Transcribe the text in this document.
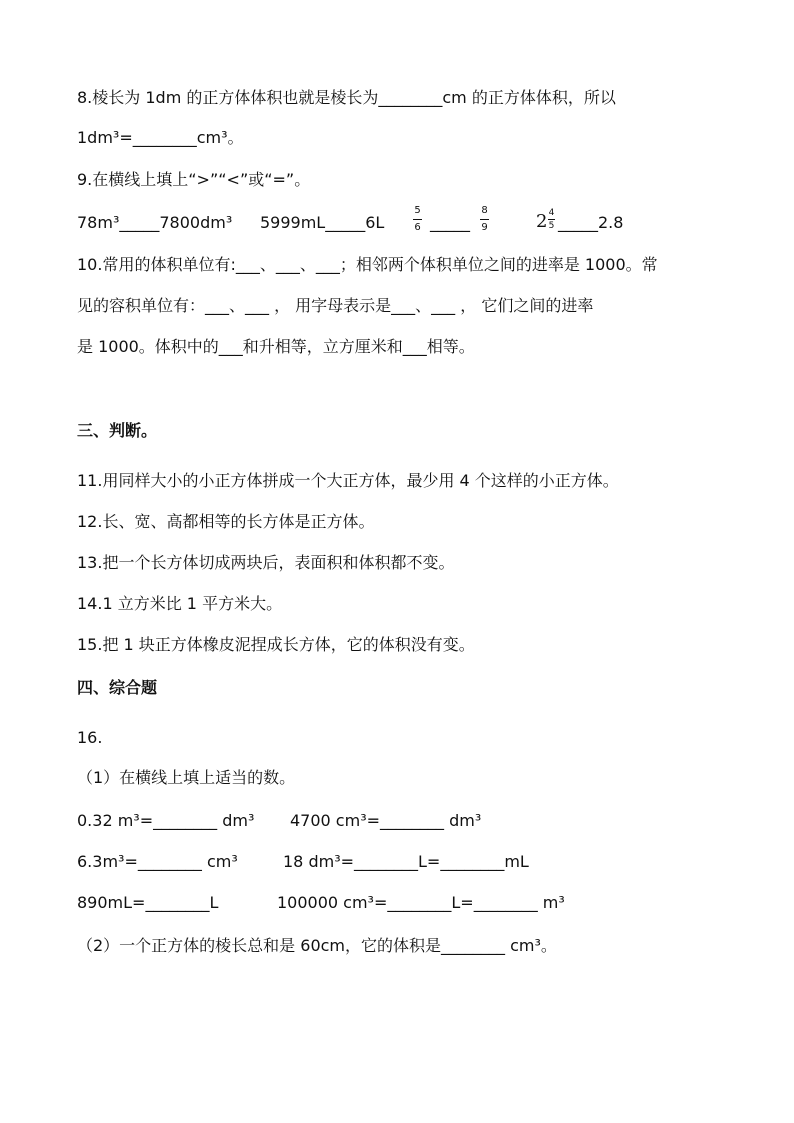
8.棱长为 1dm 的正方体体积也就是棱长为________cm 的正方体体积，所以
1dm³=________cm³。
9.在横线上填上“>”“<”或“=”。
78m³_____7800dm³ 5999mL_____6L
5
6 _____
8
9	2 4
5 _____2.8
10.常用的体积单位有:___、___、___；相邻两个体积单位之间的进率是 1000。常
见的容积单位有：___、___ ， 用字母表示是___、___ ， 它们之间的进率
是 1000。体积中的___和升相等，立方厘米和___相等。
三、判断。
11.用同样大小的小正方体拼成一个大正方体，最少用 4 个这样的小正方体。
12.长、宽、高都相等的长方体是正方体。
13.把一个长方体切成两块后，表面积和体积都不变。
14.1 立方米比 1 平方米大。
15.把 1 块正方体橡皮泥捏成长方体，它的体积没有变。
四、综合题
16.
（1）在横线上填上适当的数。
0.32 m³=________ dm³ 4700 cm³=________ dm³
6.3m³=________ cm³	18 dm³=________L=________mL
890mL=________L	100000 cm³=________L=________ m³
（2）一个正方体的棱长总和是 60cm，它的体积是________ cm³。
